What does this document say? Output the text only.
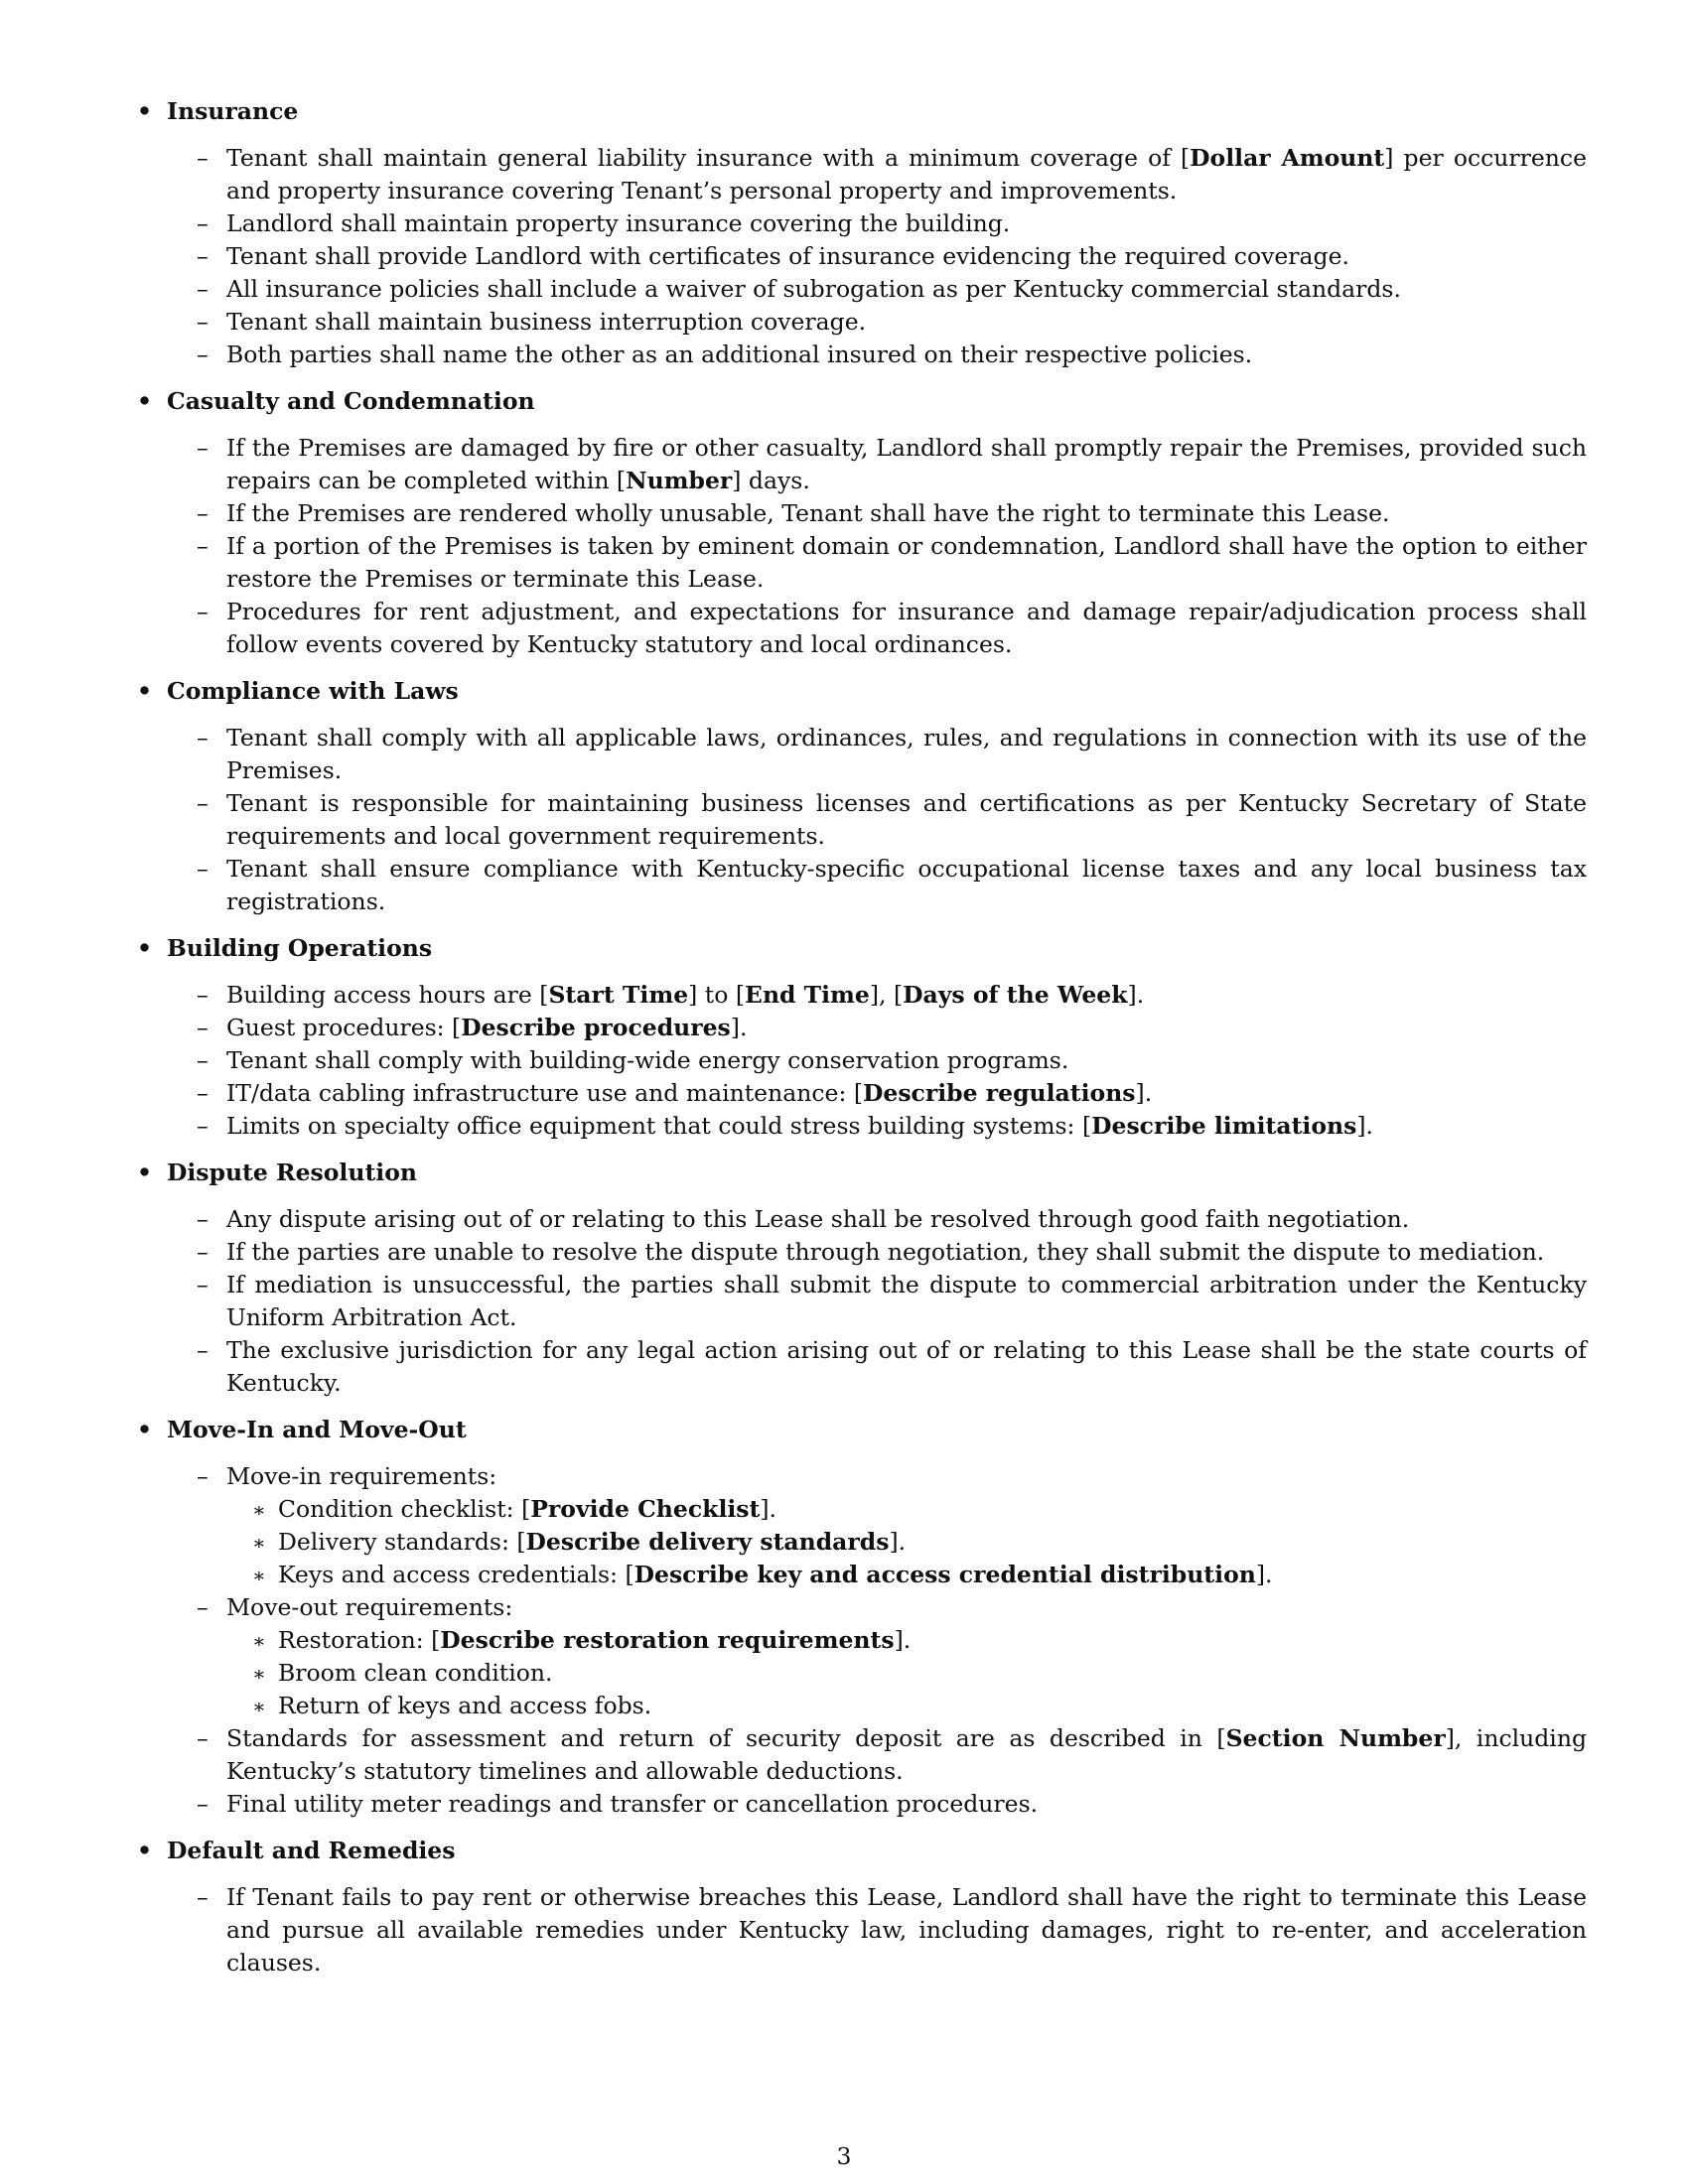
• Insurance
– Tenant shall maintain general liability insurance with a minimum coverage of [Dollar Amount] per occurrence and property insurance covering Tenant’s personal property and improvements.
– Landlord shall maintain property insurance covering the building.
– Tenant shall provide Landlord with certificates of insurance evidencing the required coverage.
– All insurance policies shall include a waiver of subrogation as per Kentucky commercial standards.
– Tenant shall maintain business interruption coverage.
– Both parties shall name the other as an additional insured on their respective policies.
• Casualty and Condemnation
– If the Premises are damaged by fire or other casualty, Landlord shall promptly repair the Premises, provided such repairs can be completed within [Number] days.
– If the Premises are rendered wholly unusable, Tenant shall have the right to terminate this Lease.
– If a portion of the Premises is taken by eminent domain or condemnation, Landlord shall have the option to either restore the Premises or terminate this Lease.
– Procedures for rent adjustment, and expectations for insurance and damage repair/adjudication process shall follow events covered by Kentucky statutory and local ordinances.
• Compliance with Laws
– Tenant shall comply with all applicable laws, ordinances, rules, and regulations in connection with its use of the Premises.
– Tenant is responsible for maintaining business licenses and certifications as per Kentucky Secretary of State requirements and local government requirements.
– Tenant shall ensure compliance with Kentucky-specific occupational license taxes and any local business tax registrations.
• Building Operations
– Building access hours are [Start Time] to [End Time], [Days of the Week].
– Guest procedures: [Describe procedures].
– Tenant shall comply with building-wide energy conservation programs.
– IT/data cabling infrastructure use and maintenance: [Describe regulations].
– Limits on specialty office equipment that could stress building systems: [Describe limitations].
• Dispute Resolution
– Any dispute arising out of or relating to this Lease shall be resolved through good faith negotiation.
– If the parties are unable to resolve the dispute through negotiation, they shall submit the dispute to mediation.
– If mediation is unsuccessful, the parties shall submit the dispute to commercial arbitration under the Kentucky Uniform Arbitration Act.
– The exclusive jurisdiction for any legal action arising out of or relating to this Lease shall be the state courts of Kentucky.
• Move-In and Move-Out
– Move-in requirements:
∗ Condition checklist: [Provide Checklist].
∗ Delivery standards: [Describe delivery standards].
∗ Keys and access credentials: [Describe key and access credential distribution].
– Move-out requirements:
∗ Restoration: [Describe restoration requirements].
∗ Broom clean condition.
∗ Return of keys and access fobs.
– Standards for assessment and return of security deposit are as described in [Section Number], including Kentucky’s statutory timelines and allowable deductions.
– Final utility meter readings and transfer or cancellation procedures.
• Default and Remedies
– If Tenant fails to pay rent or otherwise breaches this Lease, Landlord shall have the right to terminate this Lease and pursue all available remedies under Kentucky law, including damages, right to re-enter, and acceleration clauses.
3
